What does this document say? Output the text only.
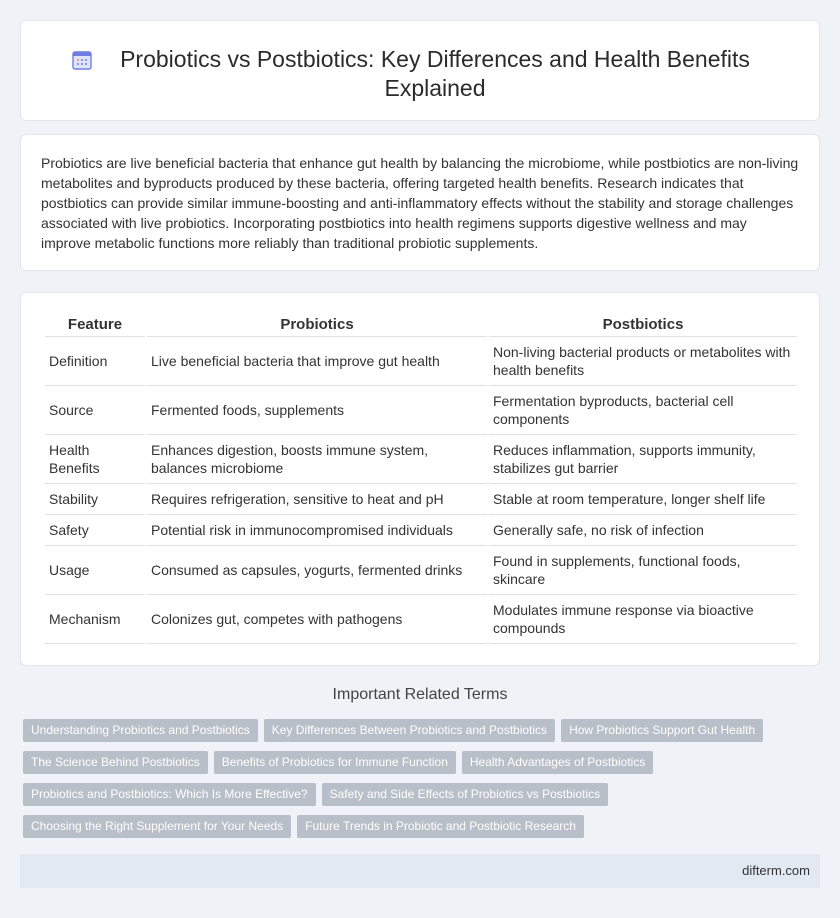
Probiotics vs Postbiotics: Key Differences and Health Benefits Explained

Probiotics are live beneficial bacteria that enhance gut health by balancing the microbiome, while postbiotics are non-living metabolites and byproducts produced by these bacteria, offering targeted health benefits. Research indicates that postbiotics can provide similar immune-boosting and anti-inflammatory effects without the stability and storage challenges associated with live probiotics. Incorporating postbiotics into health regimens supports digestive wellness and may improve metabolic functions more reliably than traditional probiotic supplements.

Feature	Probiotics	Postbiotics
Definition	Live beneficial bacteria that improve gut health	Non-living bacterial products or metabolites with health benefits
Source	Fermented foods, supplements	Fermentation byproducts, bacterial cell components
Health Benefits	Enhances digestion, boosts immune system, balances microbiome	Reduces inflammation, supports immunity, stabilizes gut barrier
Stability	Requires refrigeration, sensitive to heat and pH	Stable at room temperature, longer shelf life
Safety	Potential risk in immunocompromised individuals	Generally safe, no risk of infection
Usage	Consumed as capsules, yogurts, fermented drinks	Found in supplements, functional foods, skincare
Mechanism	Colonizes gut, competes with pathogens	Modulates immune response via bioactive compounds
Important Related Terms
Understanding Probiotics and Postbiotics	Key Differences Between Probiotics and Postbiotics	How Probiotics Support Gut Health
The Science Behind Postbiotics	Benefits of Probiotics for Immune Function	Health Advantages of Postbiotics
Probiotics and Postbiotics: Which Is More Effective?	Safety and Side Effects of Probiotics vs Postbiotics
Choosing the Right Supplement for Your Needs	Future Trends in Probiotic and Postbiotic Research
difterm.com
